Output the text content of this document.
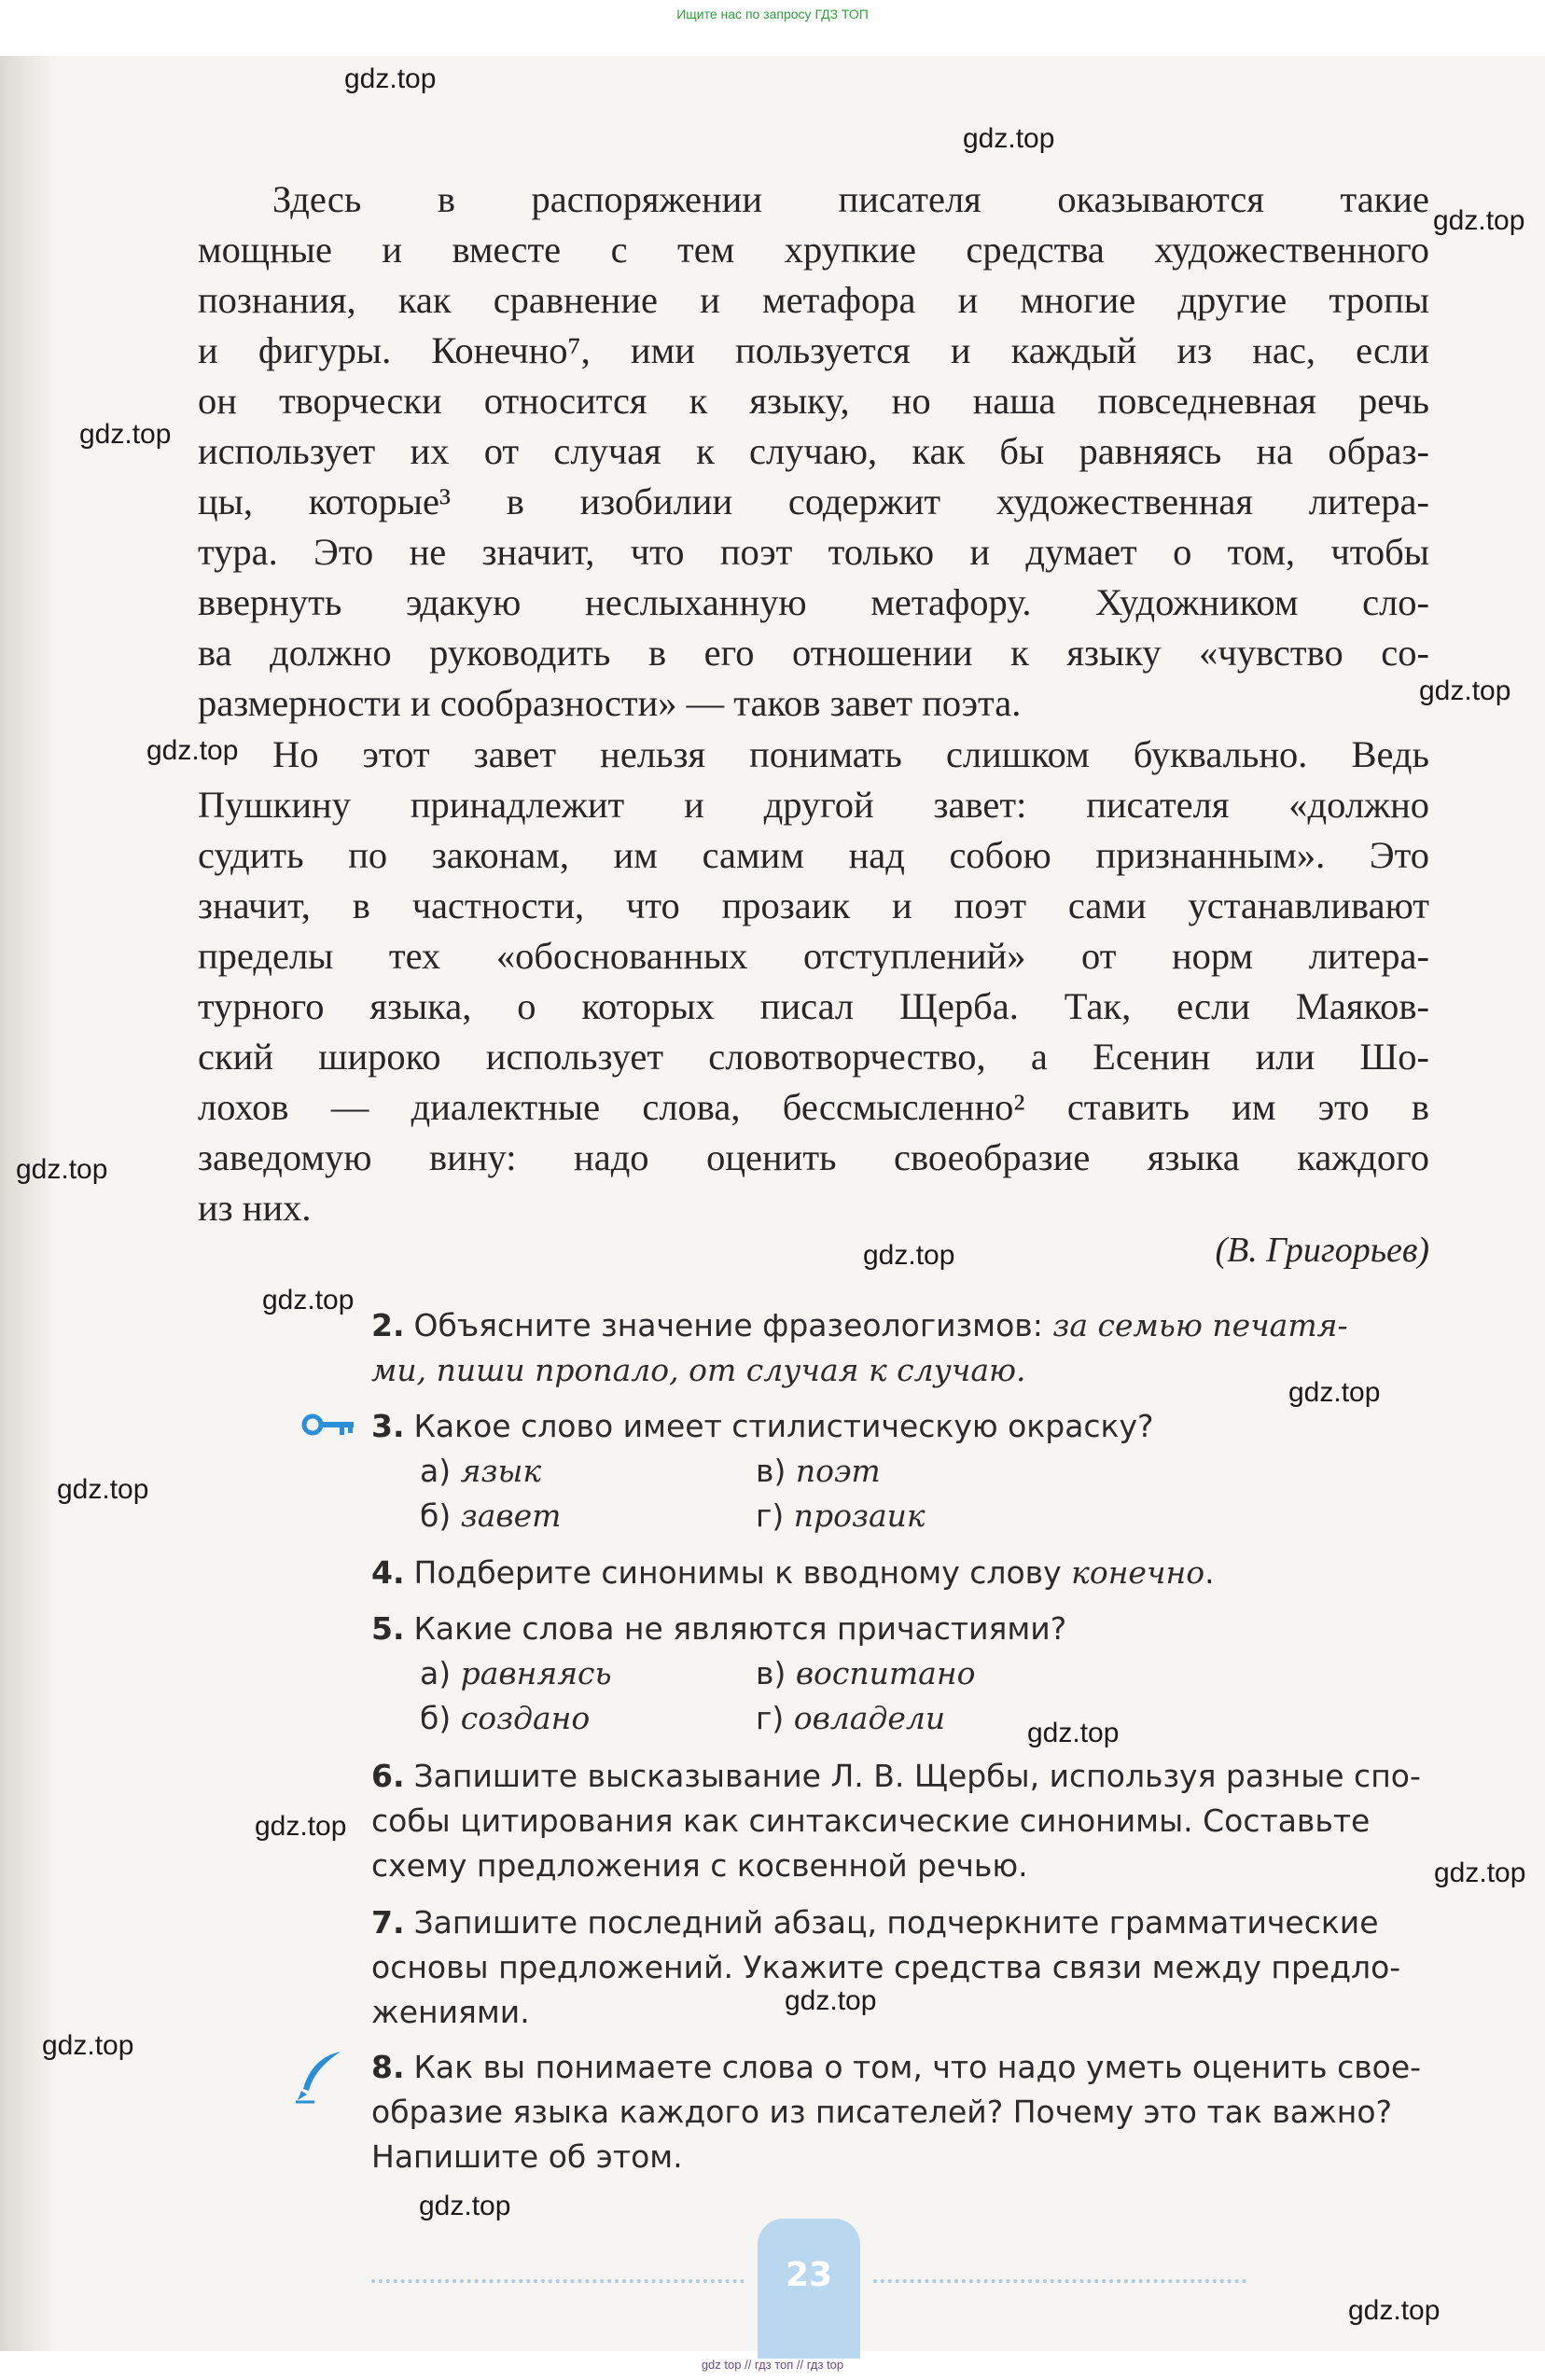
Ищите нас по запросу ГДЗ ТОП
Здесь в распоряжении писателя оказываются такие
мощные и вместе с тем хрупкие средства художественного
познания, как сравнение и метафора и многие другие тропы
и фигуры. Конечно⁷, ими пользуется и каждый из нас, если
он творчески относится к языку, но наша повседневная речь
использует их от случая к случаю, как бы равняясь на образ-
цы, которые³ в изобилии содержит художественная литера-
тура. Это не значит, что поэт только и думает о том, чтобы
ввернуть эдакую неслыханную метафору. Художником сло-
ва должно руководить в его отношении к языку «чувство со-
размерности и сообразности» — таков завет поэта.
Но этот завет нельзя понимать слишком буквально. Ведь
Пушкину принадлежит и другой завет: писателя «должно
судить по законам, им самим над собою признанным». Это
значит, в частности, что прозаик и поэт сами устанавливают
пределы тех «обоснованных отступлений» от норм литера-
турного языка, о которых писал Щерба. Так, если Маяков-
ский широко использует словотворчество, а Есенин или Шо-
лохов — диалектные слова, бессмысленно² ставить им это в
заведомую вину: надо оценить своеобразие языка каждого
из них.
(В. Григорьев)
2. Объясните значение фразеологизмов: за семью печатя-
ми, пиши пропало, от случая к случаю.
3. Какое слово имеет стилистическую окраску?
а) язык	в) поэт
б) завет	г) прозаик
4. Подберите синонимы к вводному слову конечно.
5. Какие слова не являются причастиями?
а) равняясь	в) воспитано
б) создано	г) овладели
6. Запишите высказывание Л. В. Щербы, используя разные спо-
собы цитирования как синтаксические синонимы. Составьте
схему предложения с косвенной речью.
7. Запишите последний абзац, подчеркните грамматические
основы предложений. Укажите средства связи между предло-
жениями.
8. Как вы понимаете слова о том, что надо уметь оценить свое-
образие языка каждого из писателей? Почему это так важно?
Напишите об этом.
23
gdz.top
gdz.top
gdz.top
gdz.top
gdz.top
gdz.top
gdz.top
gdz.top
gdz.top
gdz.top
gdz.top
gdz.top
gdz.top
gdz.top
gdz.top
gdz.top
gdz.top
gdz.top
gdz top // гдз топ // гдз top
